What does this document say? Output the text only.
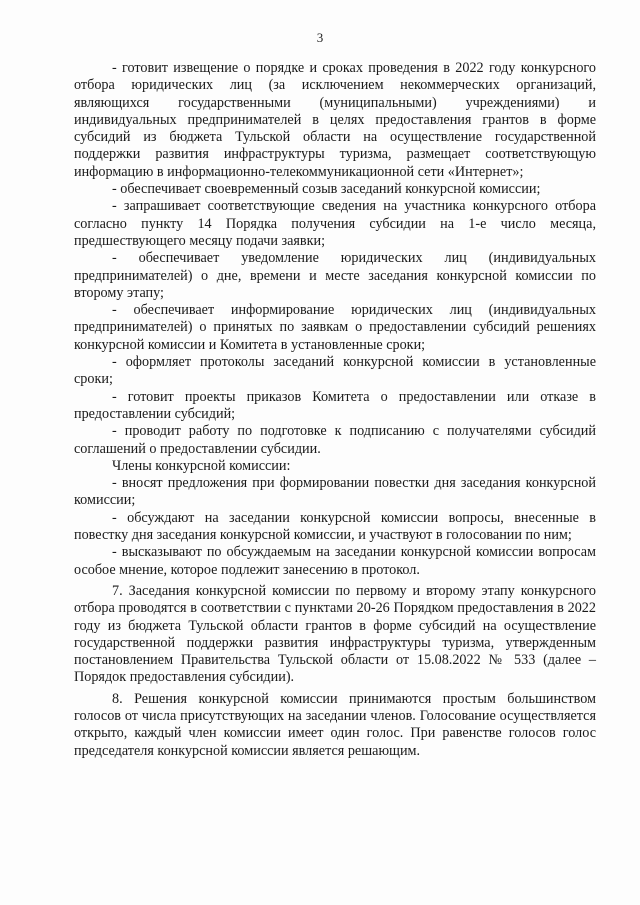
3

- готовит извещение о порядке и сроках проведения в 2022 году конкурсного отбора юридических лиц (за исключением некоммерческих организаций, являющихся государственными (муниципальными) учреждениями) и индивидуальных предпринимателей в целях предоставления грантов в форме субсидий из бюджета Тульской области на осуществление государственной поддержки развития инфраструктуры туризма, размещает соответствующую информацию в информационно-телекоммуникационной сети «Интернет»;

- обеспечивает своевременный созыв заседаний конкурсной комиссии;

- запрашивает соответствующие сведения на участника конкурсного отбора согласно пункту 14 Порядка получения субсидии на 1-е число месяца, предшествующего месяцу подачи заявки;

- обеспечивает уведомление юридических лиц (индивидуальных предпринимателей) о дне, времени и месте заседания конкурсной комиссии по второму этапу;

- обеспечивает информирование юридических лиц (индивидуальных предпринимателей) о принятых по заявкам о предоставлении субсидий решениях конкурсной комиссии и Комитета в установленные сроки;

- оформляет протоколы заседаний конкурсной комиссии в установленные сроки;

- готовит проекты приказов Комитета о предоставлении или отказе в предоставлении субсидий;

- проводит работу по подготовке к подписанию с получателями субсидий соглашений о предоставлении субсидии.

Члены конкурсной комиссии:

- вносят предложения при формировании повестки дня заседания конкурсной комиссии;

- обсуждают на заседании конкурсной комиссии вопросы, внесенные в повестку дня заседания конкурсной комиссии, и участвуют в голосовании по ним;

- высказывают по обсуждаемым на заседании конкурсной комиссии вопросам особое мнение, которое подлежит занесению в протокол.

7. Заседания конкурсной комиссии по первому и второму этапу конкурсного отбора проводятся в соответствии с пунктами 20-26 Порядком предоставления в 2022 году из бюджета Тульской области грантов в форме субсидий на осуществление государственной поддержки развития инфраструктуры туризма, утвержденным постановлением Правительства Тульской области от 15.08.2022 № 533 (далее – Порядок предоставления субсидии).

8. Решения конкурсной комиссии принимаются простым большинством голосов от числа присутствующих на заседании членов. Голосование осуществляется открыто, каждый член комиссии имеет один голос. При равенстве голосов голос председателя конкурсной комиссии является решающим.
